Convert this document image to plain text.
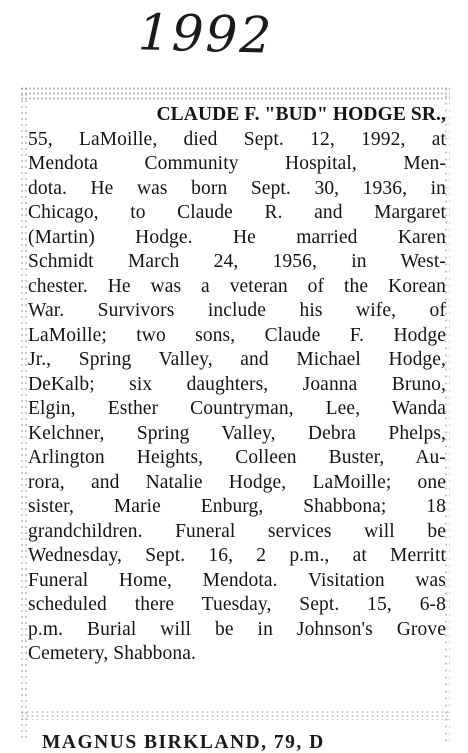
1992
CLAUDE F. "BUD" HODGE SR.,
55, LaMoille, died Sept. 12, 1992, at
Mendota Community Hospital, Men-
dota. He was born Sept. 30, 1936, in
Chicago, to Claude R. and Margaret
(Martin) Hodge. He married Karen
Schmidt March 24, 1956, in West-
chester. He was a veteran of the Korean
War. Survivors include his wife, of
LaMoille; two sons, Claude F. Hodge
Jr., Spring Valley, and Michael Hodge,
DeKalb; six daughters, Joanna Bruno,
Elgin, Esther Countryman, Lee, Wanda
Kelchner, Spring Valley, Debra Phelps,
Arlington Heights, Colleen Buster, Au-
rora, and Natalie Hodge, LaMoille; one
sister, Marie Enburg, Shabbona; 18
grandchildren. Funeral services will be
Wednesday, Sept. 16, 2 p.m., at Merritt
Funeral Home, Mendota. Visitation was
scheduled there Tuesday, Sept. 15, 6-8
p.m. Burial will be in Johnson's Grove
Cemetery, Shabbona.
MAGNUS BIRKLAND, 79, D
